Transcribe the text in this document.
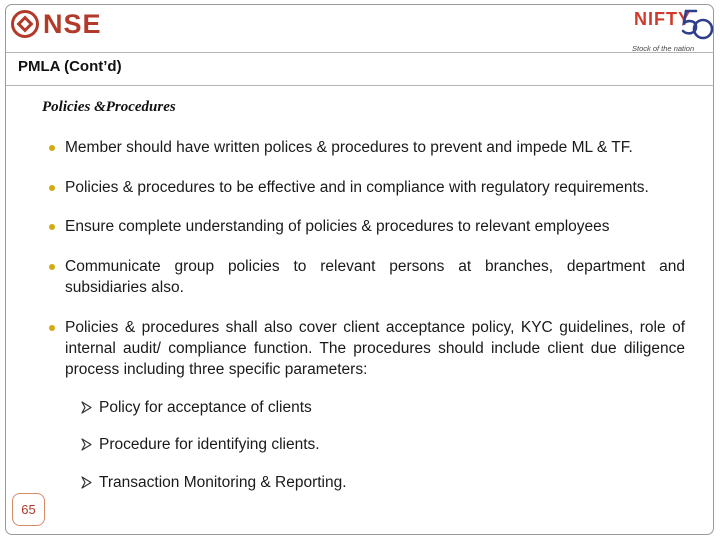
NSE	NIFTY
Stock of the nation
PMLA (Cont’d)
Policies &Procedures
Member should have written polices & procedures to prevent and impede ML & TF.
Policies & procedures to be effective and in compliance with regulatory requirements.
Ensure complete understanding of policies & procedures to relevant employees
Communicate group policies to relevant persons at branches, department and subsidiaries also.
Policies & procedures shall also cover client acceptance policy, KYC guidelines, role of internal audit/ compliance function. The procedures should include client due diligence process including three specific parameters:
Policy for acceptance of clients
Procedure for identifying clients.
Transaction Monitoring & Reporting.
65
